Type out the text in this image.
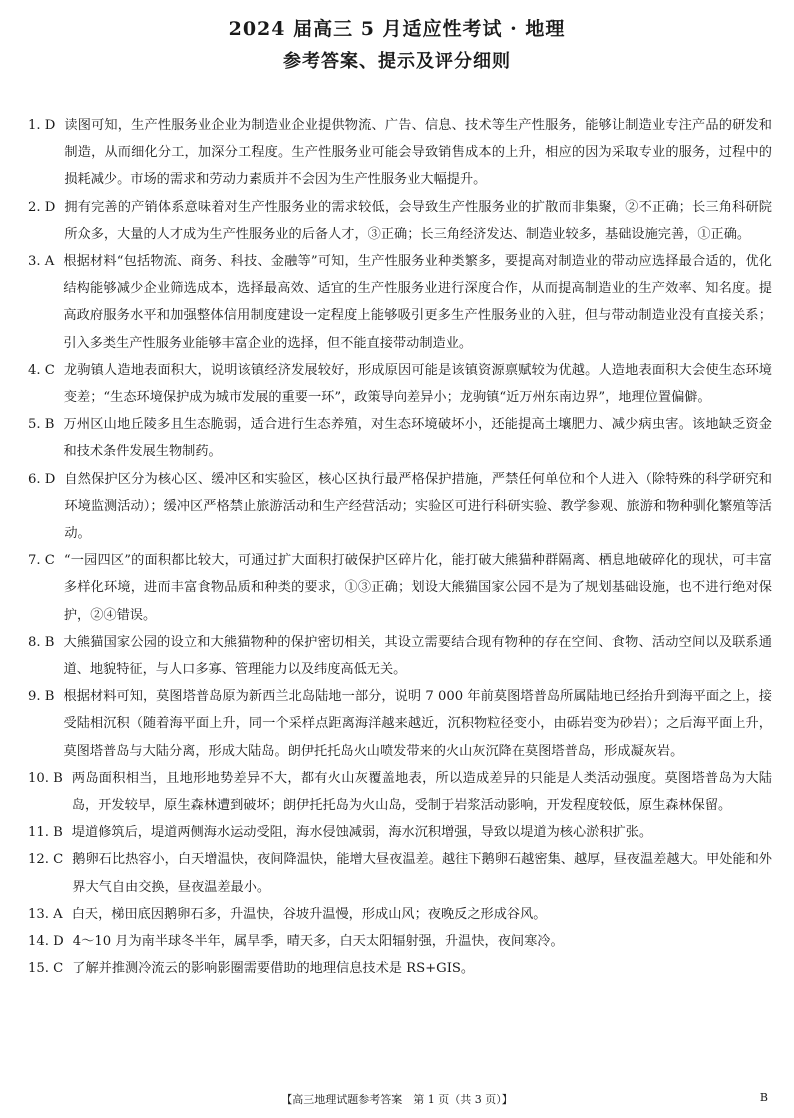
2024 届高三 5 月适应性考试 · 地理
参考答案、提示及评分细则
1. D 读图可知，生产性服务业企业为制造业企业提供物流、广告、信息、技术等生产性服务，能够让制造业专注产品的研发和制造，从而细化分工，加深分工程度。生产性服务业可能会导致销售成本的上升，相应的因为采取专业的服务，过程中的损耗减少。市场的需求和劳动力素质并不会因为生产性服务业大幅提升。
2. D 拥有完善的产销体系意味着对生产性服务业的需求较低，会导致生产性服务业的扩散而非集聚，②不正确；长三角科研院所众多，大量的人才成为生产性服务业的后备人才，③正确；长三角经济发达、制造业较多，基础设施完善，①正确。
3. A 根据材料“包括物流、商务、科技、金融等”可知，生产性服务业种类繁多，要提高对制造业的带动应选择最合适的，优化结构能够减少企业筛选成本，选择最高效、适宜的生产性服务业进行深度合作，从而提高制造业的生产效率、知名度。提高政府服务水平和加强整体信用制度建设一定程度上能够吸引更多生产性服务业的入驻，但与带动制造业没有直接关系；引入多类生产性服务业能够丰富企业的选择，但不能直接带动制造业。
4. C 龙驹镇人造地表面积大，说明该镇经济发展较好，形成原因可能是该镇资源禀赋较为优越。人造地表面积大会使生态环境变差；“生态环境保护成为城市发展的重要一环”，政策导向差异小；龙驹镇“近万州东南边界”，地理位置偏僻。
5. B 万州区山地丘陵多且生态脆弱，适合进行生态养殖，对生态环境破坏小，还能提高土壤肥力、减少病虫害。该地缺乏资金和技术条件发展生物制药。
6. D 自然保护区分为核心区、缓冲区和实验区，核心区执行最严格保护措施，严禁任何单位和个人进入（除特殊的科学研究和环境监测活动）；缓冲区严格禁止旅游活动和生产经营活动；实验区可进行科研实验、教学参观、旅游和物种驯化繁殖等活动。
7. C “一园四区”的面积都比较大，可通过扩大面积打破保护区碎片化，能打破大熊猫种群隔离、栖息地破碎化的现状，可丰富多样化环境，进而丰富食物品质和种类的要求，①③正确；划设大熊猫国家公园不是为了规划基础设施，也不进行绝对保护，②④错误。
8. B 大熊猫国家公园的设立和大熊猫物种的保护密切相关，其设立需要结合现有物种的存在空间、食物、活动空间以及联系通道、地貌特征，与人口多寡、管理能力以及纬度高低无关。
9. B 根据材料可知，莫图塔普岛原为新西兰北岛陆地一部分，说明 7 000 年前莫图塔普岛所属陆地已经抬升到海平面之上，接受陆相沉积（随着海平面上升，同一个采样点距离海洋越来越近，沉积物粒径变小，由砾岩变为砂岩）；之后海平面上升，莫图塔普岛与大陆分离，形成大陆岛。朗伊托托岛火山喷发带来的火山灰沉降在莫图塔普岛，形成凝灰岩。
10. B 两岛面积相当，且地形地势差异不大，都有火山灰覆盖地表，所以造成差异的只能是人类活动强度。莫图塔普岛为大陆岛，开发较早，原生森林遭到破坏；朗伊托托岛为火山岛，受制于岩浆活动影响，开发程度较低，原生森林保留。
11. B 堤道修筑后，堤道两侧海水运动受阻，海水侵蚀减弱，海水沉积增强，导致以堤道为核心淤积扩张。
12. C 鹅卵石比热容小，白天增温快，夜间降温快，能增大昼夜温差。越往下鹅卵石越密集、越厚，昼夜温差越大。甲处能和外界大气自由交换，昼夜温差最小。
13. A 白天，梯田底因鹅卵石多，升温快，谷坡升温慢，形成山风；夜晚反之形成谷风。
14. D 4～10 月为南半球冬半年，属旱季，晴天多，白天太阳辐射强，升温快，夜间寒冷。
15. C 了解并推测冷流云的影响影圈需要借助的地理信息技术是 RS+GIS。
【高三地理试题参考答案　第 1 页（共 3 页）】	B
